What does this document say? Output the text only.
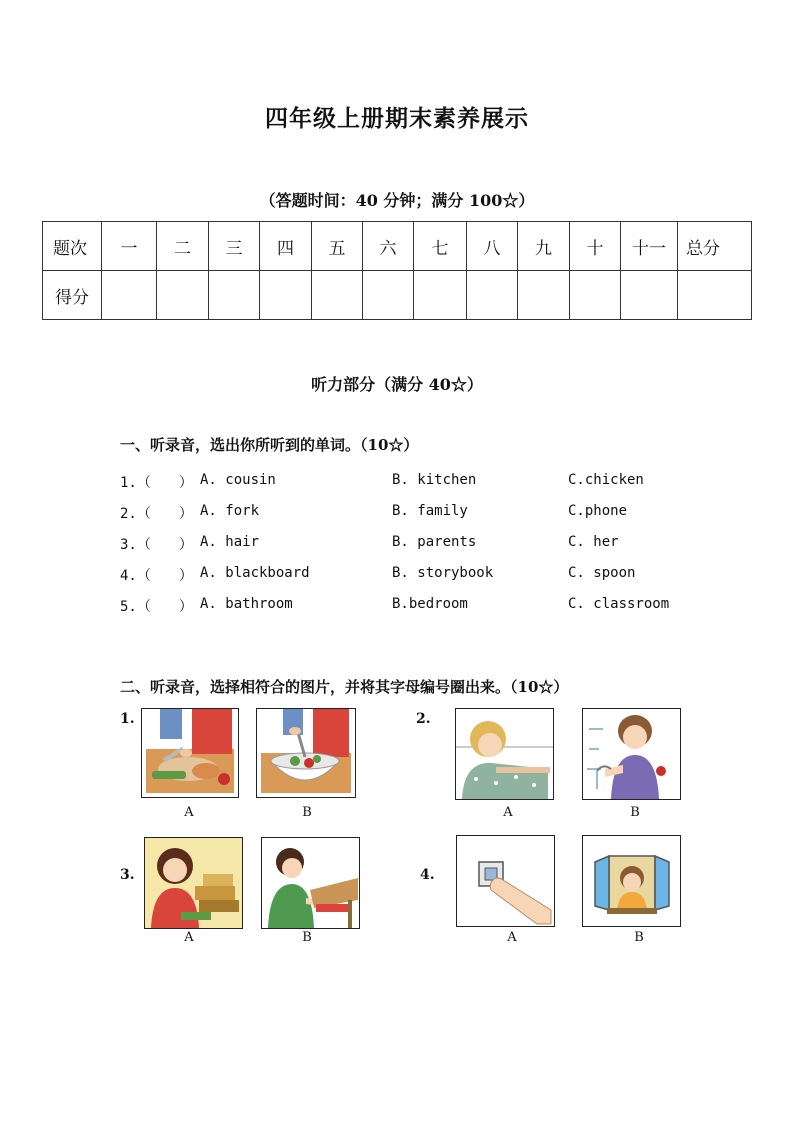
四年级上册期末素养展示
（答题时间：40 分钟；满分 100☆）
题次	一	二	三	四	五	六	七	八	九	十	十一	总分
得分												
听力部分（满分 40☆）
一、听录音，选出你所听到的单词。（10☆）
1.（　　） A. cousin	B. kitchen	C.chicken
2.（　　） A. fork	B. family	C.phone
3.（　　） A. hair	B. parents	C. her
4.（　　） A. blackboard	B. storybook	C. spoon
5.（　　） A. bathroom	B.bedroom	C. classroom
二、听录音，选择相符合的图片，并将其字母编号圈出来。（10☆）
1.
A	B
2.
A	B
3.
A	B
4.
A	B
